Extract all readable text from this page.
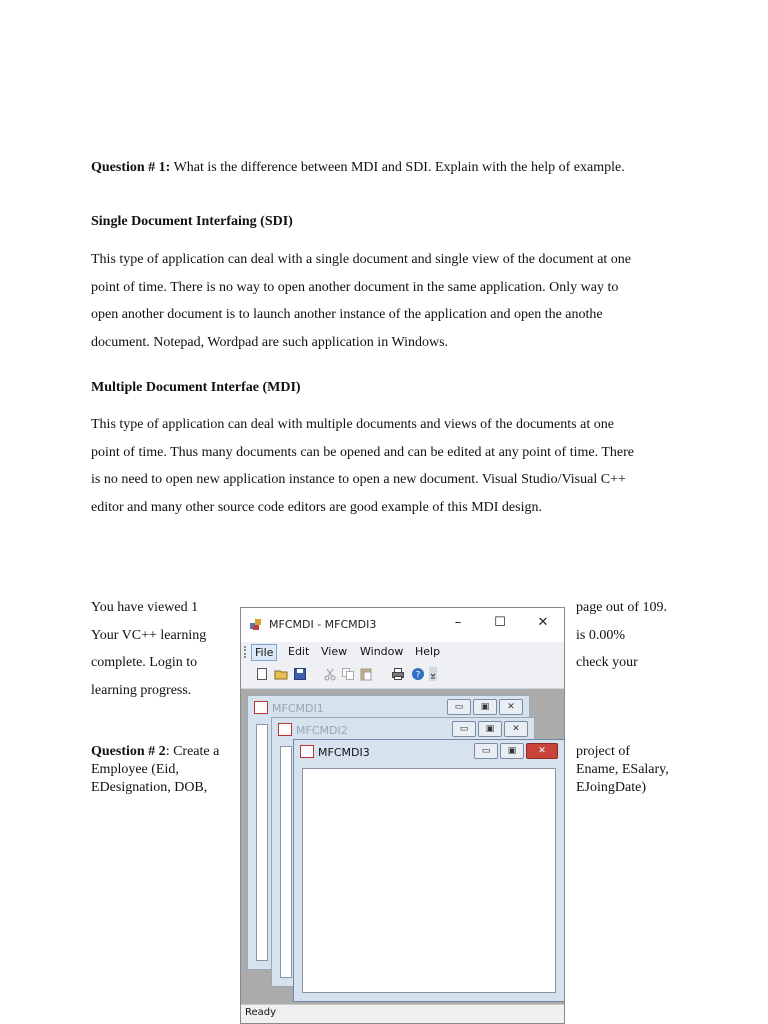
Question # 1: What is the difference between MDI and SDI. Explain with the help of example.

Single Document Interfaing (SDI)

This type of application can deal with a single document and single view of the document at one
point of time. There is no way to open another document in the same application. Only way to
open another document is to launch another instance of the application and open the anothe
document. Notepad, Wordpad are such application in Windows.

Multiple Document Interfae (MDI)

This type of application can deal with multiple documents and views of the documents at one
point of time. Thus many documents can be opened and can be edited at any point of time. There
is no need to open new application instance to open a new document. Visual Studio/Visual C++
editor and many other source code editors are good example of this MDI design.
You have viewed 1
Your VC++ learning
complete. Login to
learning progress.
page out of 109.
is 0.00%
check your
Question # 2: Create a
Employee (Eid,
EDesignation, DOB,
project of
Ename, ESalary,
EJoingDate)
MFCMDI - MFCMDI3	–	☐	✕
File	Edit View Window Help
?
MFCMDI1	▭ ▣ ✕
MFCMDI2	▭ ▣ ✕
MFCMDI3	▭ ▣ ✕
Ready
